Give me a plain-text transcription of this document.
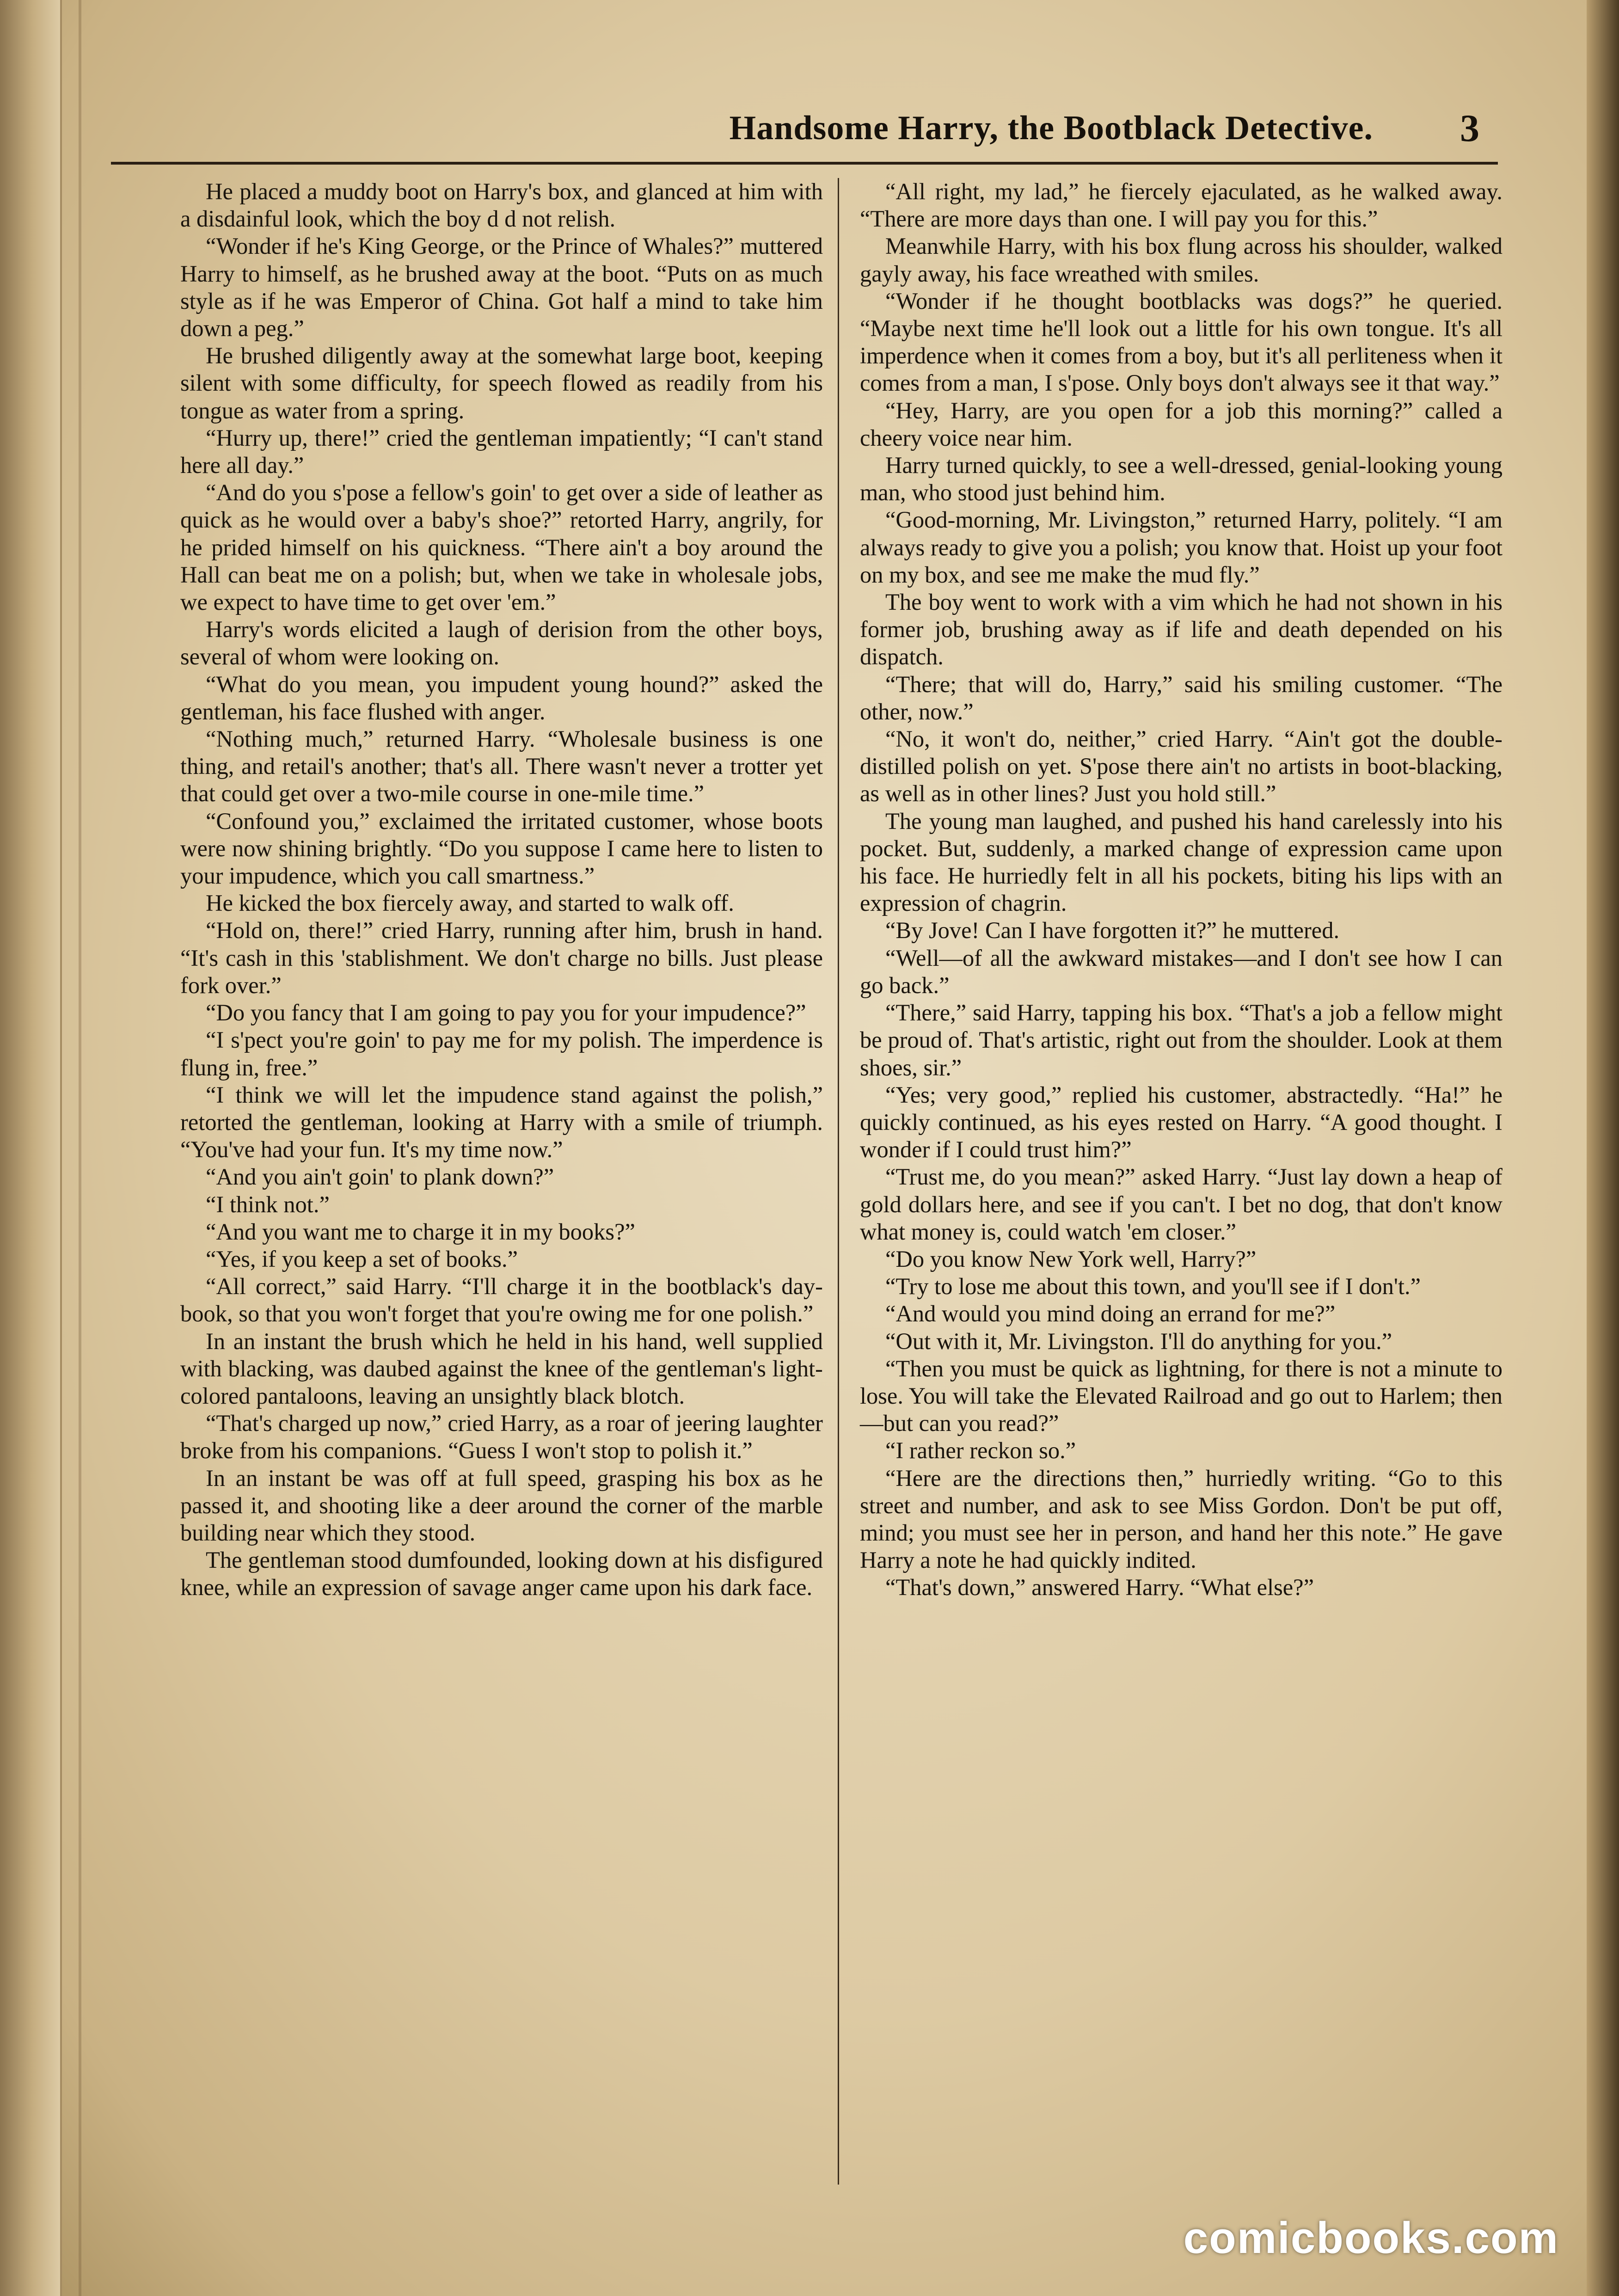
Handsome Harry, the Bootblack Detective. 3

He placed a muddy boot on Harry's box, and glanced at him with a disdainful look, which the boy d d not relish.

“Wonder if he's King George, or the Prince of Whales?” muttered Harry to himself, as he brushed away at the boot. “Puts on as much style as if he was Emperor of China. Got half a mind to take him down a peg.”

He brushed diligently away at the somewhat large boot, keeping silent with some difficulty, for speech flowed as readily from his tongue as water from a spring.

“Hurry up, there!” cried the gentleman impatiently; “I can't stand here all day.”

“And do you s'pose a fellow's goin' to get over a side of leather as quick as he would over a baby's shoe?” retorted Harry, angrily, for he prided himself on his quickness. “There ain't a boy around the Hall can beat me on a polish; but, when we take in wholesale jobs, we expect to have time to get over 'em.”

Harry's words elicited a laugh of derision from the other boys, several of whom were looking on.

“What do you mean, you impudent young hound?” asked the gentleman, his face flushed with anger.

“Nothing much,” returned Harry. “Wholesale business is one thing, and retail's another; that's all. There wasn't never a trotter yet that could get over a two-mile course in one-mile time.”

“Confound you,” exclaimed the irritated customer, whose boots were now shining brightly. “Do you suppose I came here to listen to your impudence, which you call smartness.”

He kicked the box fiercely away, and started to walk off.

“Hold on, there!” cried Harry, running after him, brush in hand. “It's cash in this 'stablishment. We don't charge no bills. Just please fork over.”

“Do you fancy that I am going to pay you for your impudence?”

“I s'pect you're goin' to pay me for my polish. The imperdence is flung in, free.”

“I think we will let the impudence stand against the polish,” retorted the gentleman, looking at Harry with a smile of triumph. “You've had your fun. It's my time now.”

“And you ain't goin' to plank down?”

“I think not.”

“And you want me to charge it in my books?”

“Yes, if you keep a set of books.”

“All correct,” said Harry. “I'll charge it in the bootblack's day-book, so that you won't forget that you're owing me for one polish.”

In an instant the brush which he held in his hand, well supplied with blacking, was daubed against the knee of the gentleman's light-colored pantaloons, leaving an unsightly black blotch.

“That's charged up now,” cried Harry, as a roar of jeering laughter broke from his companions. “Guess I won't stop to polish it.”

In an instant be was off at full speed, grasping his box as he passed it, and shooting like a deer around the corner of the marble building near which they stood.

The gentleman stood dumfounded, looking down at his disfigured knee, while an expression of savage anger came upon his dark face.

“All right, my lad,” he fiercely ejaculated, as he walked away. “There are more days than one. I will pay you for this.”

Meanwhile Harry, with his box flung across his shoulder, walked gayly away, his face wreathed with smiles.

“Wonder if he thought bootblacks was dogs?” he queried. “Maybe next time he'll look out a little for his own tongue. It's all imperdence when it comes from a boy, but it's all perliteness when it comes from a man, I s'pose. Only boys don't always see it that way.”

“Hey, Harry, are you open for a job this morning?” called a cheery voice near him.

Harry turned quickly, to see a well-dressed, genial-looking young man, who stood just behind him.

“Good-morning, Mr. Livingston,” returned Harry, politely. “I am always ready to give you a polish; you know that. Hoist up your foot on my box, and see me make the mud fly.”

The boy went to work with a vim which he had not shown in his former job, brushing away as if life and death depended on his dispatch.

“There; that will do, Harry,” said his smiling customer. “The other, now.”

“No, it won't do, neither,” cried Harry. “Ain't got the double-distilled polish on yet. S'pose there ain't no artists in boot-blacking, as well as in other lines? Just you hold still.”

The young man laughed, and pushed his hand carelessly into his pocket. But, suddenly, a marked change of expression came upon his face. He hurriedly felt in all his pockets, biting his lips with an expression of chagrin.

“By Jove! Can I have forgotten it?” he muttered.

“Well—of all the awkward mistakes—and I don't see how I can go back.”

“There,” said Harry, tapping his box. “That's a job a fellow might be proud of. That's artistic, right out from the shoulder. Look at them shoes, sir.”

“Yes; very good,” replied his customer, abstractedly. “Ha!” he quickly continued, as his eyes rested on Harry. “A good thought. I wonder if I could trust him?”

“Trust me, do you mean?” asked Harry. “Just lay down a heap of gold dollars here, and see if you can't. I bet no dog, that don't know what money is, could watch 'em closer.”

“Do you know New York well, Harry?”

“Try to lose me about this town, and you'll see if I don't.”

“And would you mind doing an errand for me?”

“Out with it, Mr. Livingston. I'll do anything for you.”

“Then you must be quick as lightning, for there is not a minute to lose. You will take the Elevated Railroad and go out to Harlem; then —but can you read?”

“I rather reckon so.”

“Here are the directions then,” hurriedly writing. “Go to this street and number, and ask to see Miss Gordon. Don't be put off, mind; you must see her in person, and hand her this note.” He gave Harry a note he had quickly indited.

“That's down,” answered Harry. “What else?”

comicbooks.com
